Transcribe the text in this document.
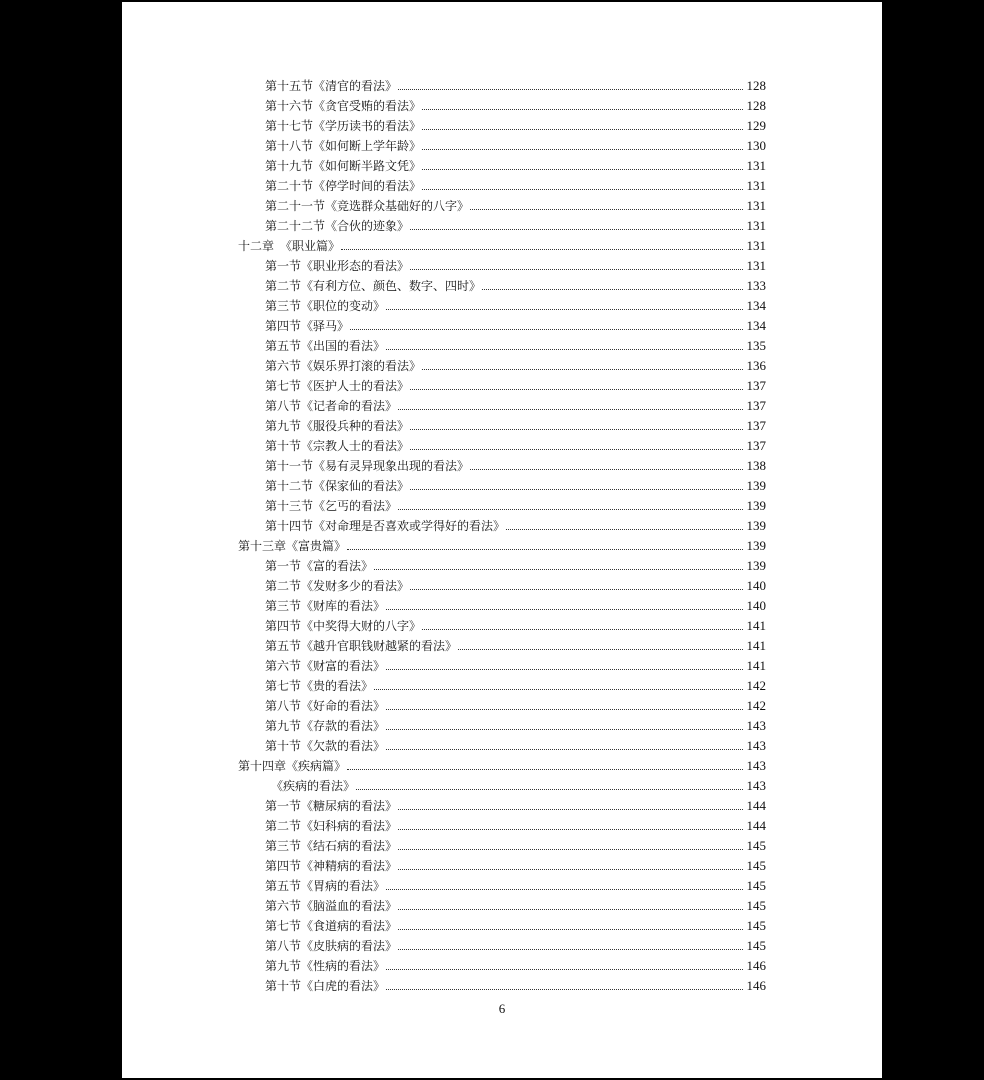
第十五节《清官的看法》	128
第十六节《贪官受贿的看法》	128
第十七节《学历读书的看法》	129
第十八节《如何断上学年龄》	130
第十九节《如何断半路文凭》	131
第二十节《停学时间的看法》	131
第二十一节《竞选群众基础好的八字》	131
第二十二节《合伙的迹象》	131
十二章　《职业篇》	131
第一节《职业形态的看法》	131
第二节《有利方位、颜色、数字、四时》	133
第三节《职位的变动》	134
第四节《驿马》	134
第五节《出国的看法》	135
第六节《娱乐界打滚的看法》	136
第七节《医护人士的看法》	137
第八节《记者命的看法》	137
第九节《服役兵种的看法》	137
第十节《宗教人士的看法》	137
第十一节《易有灵异现象出现的看法》	138
第十二节《保家仙的看法》	139
第十三节《乞丐的看法》	139
第十四节《对命理是否喜欢或学得好的看法》	139
第十三章《富贵篇》	139
第一节《富的看法》	139
第二节《发财多少的看法》	140
第三节《财库的看法》	140
第四节《中奖得大财的八字》	141
第五节《越升官职钱财越紧的看法》	141
第六节《财富的看法》	141
第七节《贵的看法》	142
第八节《好命的看法》	142
第九节《存款的看法》	143
第十节《欠款的看法》	143
第十四章《疾病篇》	143
《疾病的看法》	143
第一节《糖尿病的看法》	144
第二节《妇科病的看法》	144
第三节《结石病的看法》	145
第四节《神精病的看法》	145
第五节《胃病的看法》	145
第六节《脑溢血的看法》	145
第七节《食道病的看法》	145
第八节《皮肤病的看法》	145
第九节《性病的看法》	146
第十节《白虎的看法》	146
6
